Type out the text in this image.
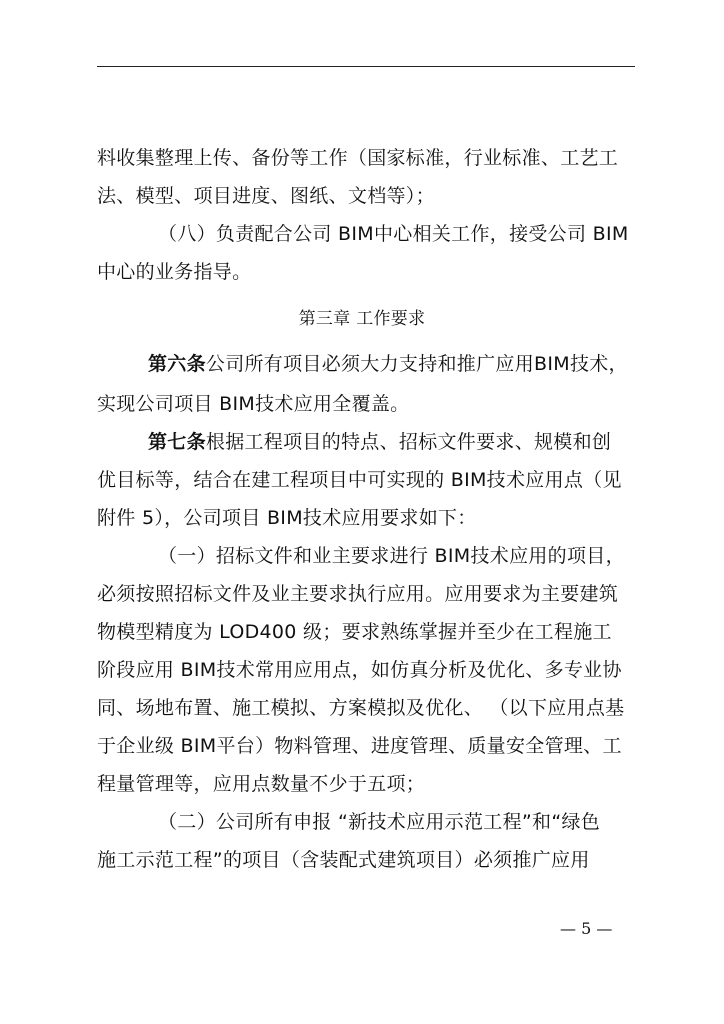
料收集整理上传、备份等工作（国家标准，行业标准、工艺工
法、模型、项目进度、图纸、文档等）；
（八）负责配合公司 BIM中心相关工作，接受公司 BIM
中心的业务指导。
第三章 工作要求
第六条公司所有项目必须大力支持和推广应用BIM技术，
实现公司项目 BIM技术应用全覆盖。
第七条根据工程项目的特点、招标文件要求、规模和创
优目标等，结合在建工程项目中可实现的 BIM技术应用点（见
附件 5），公司项目 BIM技术应用要求如下：
（一）招标文件和业主要求进行 BIM技术应用的项目，
必须按照招标文件及业主要求执行应用。应用要求为主要建筑
物模型精度为 LOD400 级；要求熟练掌握并至少在工程施工
阶段应用 BIM技术常用应用点，如仿真分析及优化、多专业协
同、场地布置、施工模拟、方案模拟及优化、 （以下应用点基
于企业级 BIM平台）物料管理、进度管理、质量安全管理、工
程量管理等，应用点数量不少于五项；
（二）公司所有申报 “新技术应用示范工程”和“绿色
施工示范工程”的项目（含装配式建筑项目）必须推广应用
— 5 —
